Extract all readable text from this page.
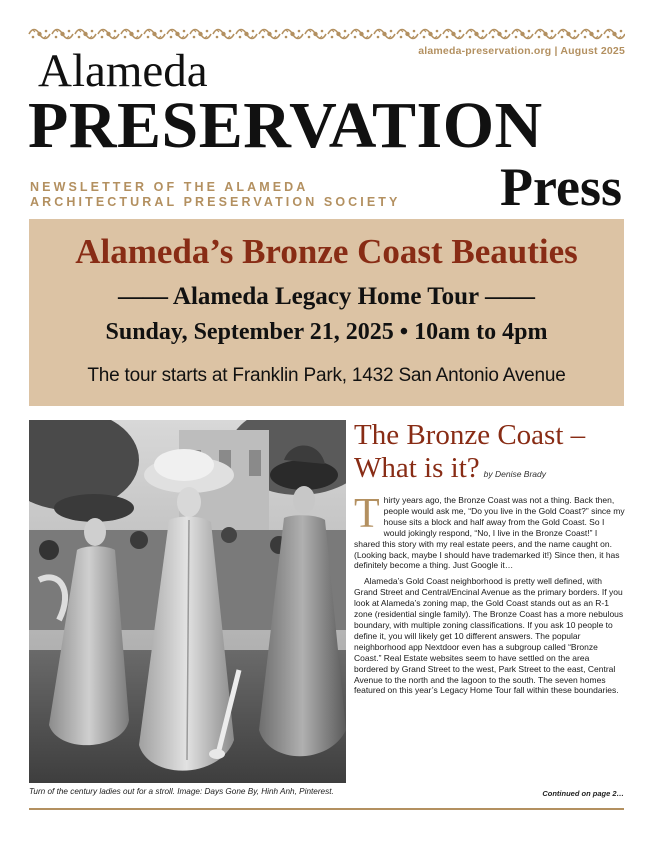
alameda-preservation.org | August 2025
Alameda
PRESERVATION
Press
NEWSLETTER OF THE ALAMEDA
ARCHITECTURAL PRESERVATION SOCIETY
Alameda’s Bronze Coast Beauties
—— Alameda Legacy Home Tour ——
Sunday, September 21, 2025 • 10am to 4pm
The tour starts at Franklin Park, 1432 San Antonio Avenue
Turn of the century ladies out for a stroll. Image: Days Gone By, Hinh Anh, Pinterest.
The Bronze Coast – What is it? by Denise Brady

Thirty years ago, the Bronze Coast was not a thing. Back then, people would ask me, “Do you live in the Gold Coast?” since my house sits a block and half away from the Gold Coast. So I would jokingly respond, “No, I live in the Bronze Coast!” I shared this story with my real estate peers, and the name caught on. (Looking back, maybe I should have trademarked it!) Since then, it has definitely become a thing. Just Google it…

Alameda’s Gold Coast neighborhood is pretty well defined, with Grand Street and Central/Encinal Avenue as the primary borders. If you look at Alameda’s zoning map, the Gold Coast stands out as an R-1 zone (residential single family). The Bronze Coast has a more nebulous boundary, with multiple zoning classifications. If you ask 10 people to define it, you will likely get 10 different answers. The popular neighborhood app Nextdoor even has a subgroup called “Bronze Coast.” Real Estate websites seem to have settled on the area bordered by Grand Street to the west, Park Street to the east, Central Avenue to the north and the lagoon to the south. The seven homes featured on this year’s Legacy Home Tour fall within these boundaries.

Continued on page 2…
